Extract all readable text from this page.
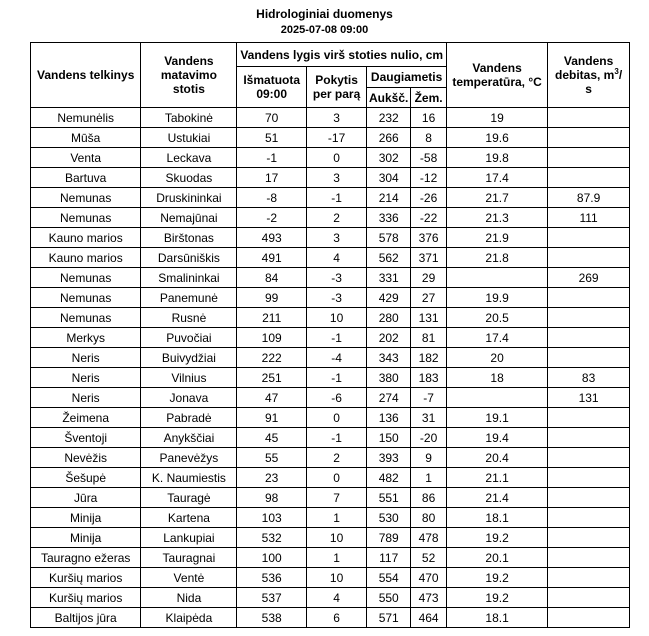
Hidrologiniai duomenys
2025-07-08 09:00
Vandens telkinys	Vandens matavimo stotis	Vandens lygis virš stoties nulio, cm				Vandens temperatūra, °C	Vandens debitas, $m^3/$ s
		Išmatuota 09:00	Pokytis per parą	Daugiametis			
				Aukšč.	Žem.		
Nemunėlis	Tabokinė	70	3	232	16	19	
Mūša	Ustukiai	51	-17	266	8	19.6	
Venta	Leckava	-1	0	302	-58	19.8	
Bartuva	Skuodas	17	3	304	-12	17.4	
Nemunas	Druskininkai	-8	-1	214	-26	21.7	87.9
Nemunas	Nemajūnai	-2	2	336	-22	21.3	111
Kauno marios	Birštonas	493	3	578	376	21.9	
Kauno marios	Darsūniškis	491	4	562	371	21.8	
Nemunas	Smalininkai	84	-3	331	29		269
Nemunas	Panemunė	99	-3	429	27	19.9	
Nemunas	Rusnė	211	10	280	131	20.5	
Merkys	Puvočiai	109	-1	202	81	17.4	
Neris	Buivydžiai	222	-4	343	182	20	
Neris	Vilnius	251	-1	380	183	18	83
Neris	Jonava	47	-6	274	-7		131
Žeimena	Pabradė	91	0	136	31	19.1	
Šventoji	Anykščiai	45	-1	150	-20	19.4	
Nevėžis	Panevėžys	55	2	393	9	20.4	
Šešupė	K. Naumiestis	23	0	482	1	21.1	
Jūra	Tauragė	98	7	551	86	21.4	
Minija	Kartena	103	1	530	80	18.1	
Minija	Lankupiai	532	10	789	478	19.2	
Tauragno ežeras	Tauragnai	100	1	117	52	20.1	
Kuršių marios	Ventė	536	10	554	470	19.2	
Kuršių marios	Nida	537	4	550	473	19.2	
Baltijos jūra	Klaipėda	538	6	571	464	18.1	
